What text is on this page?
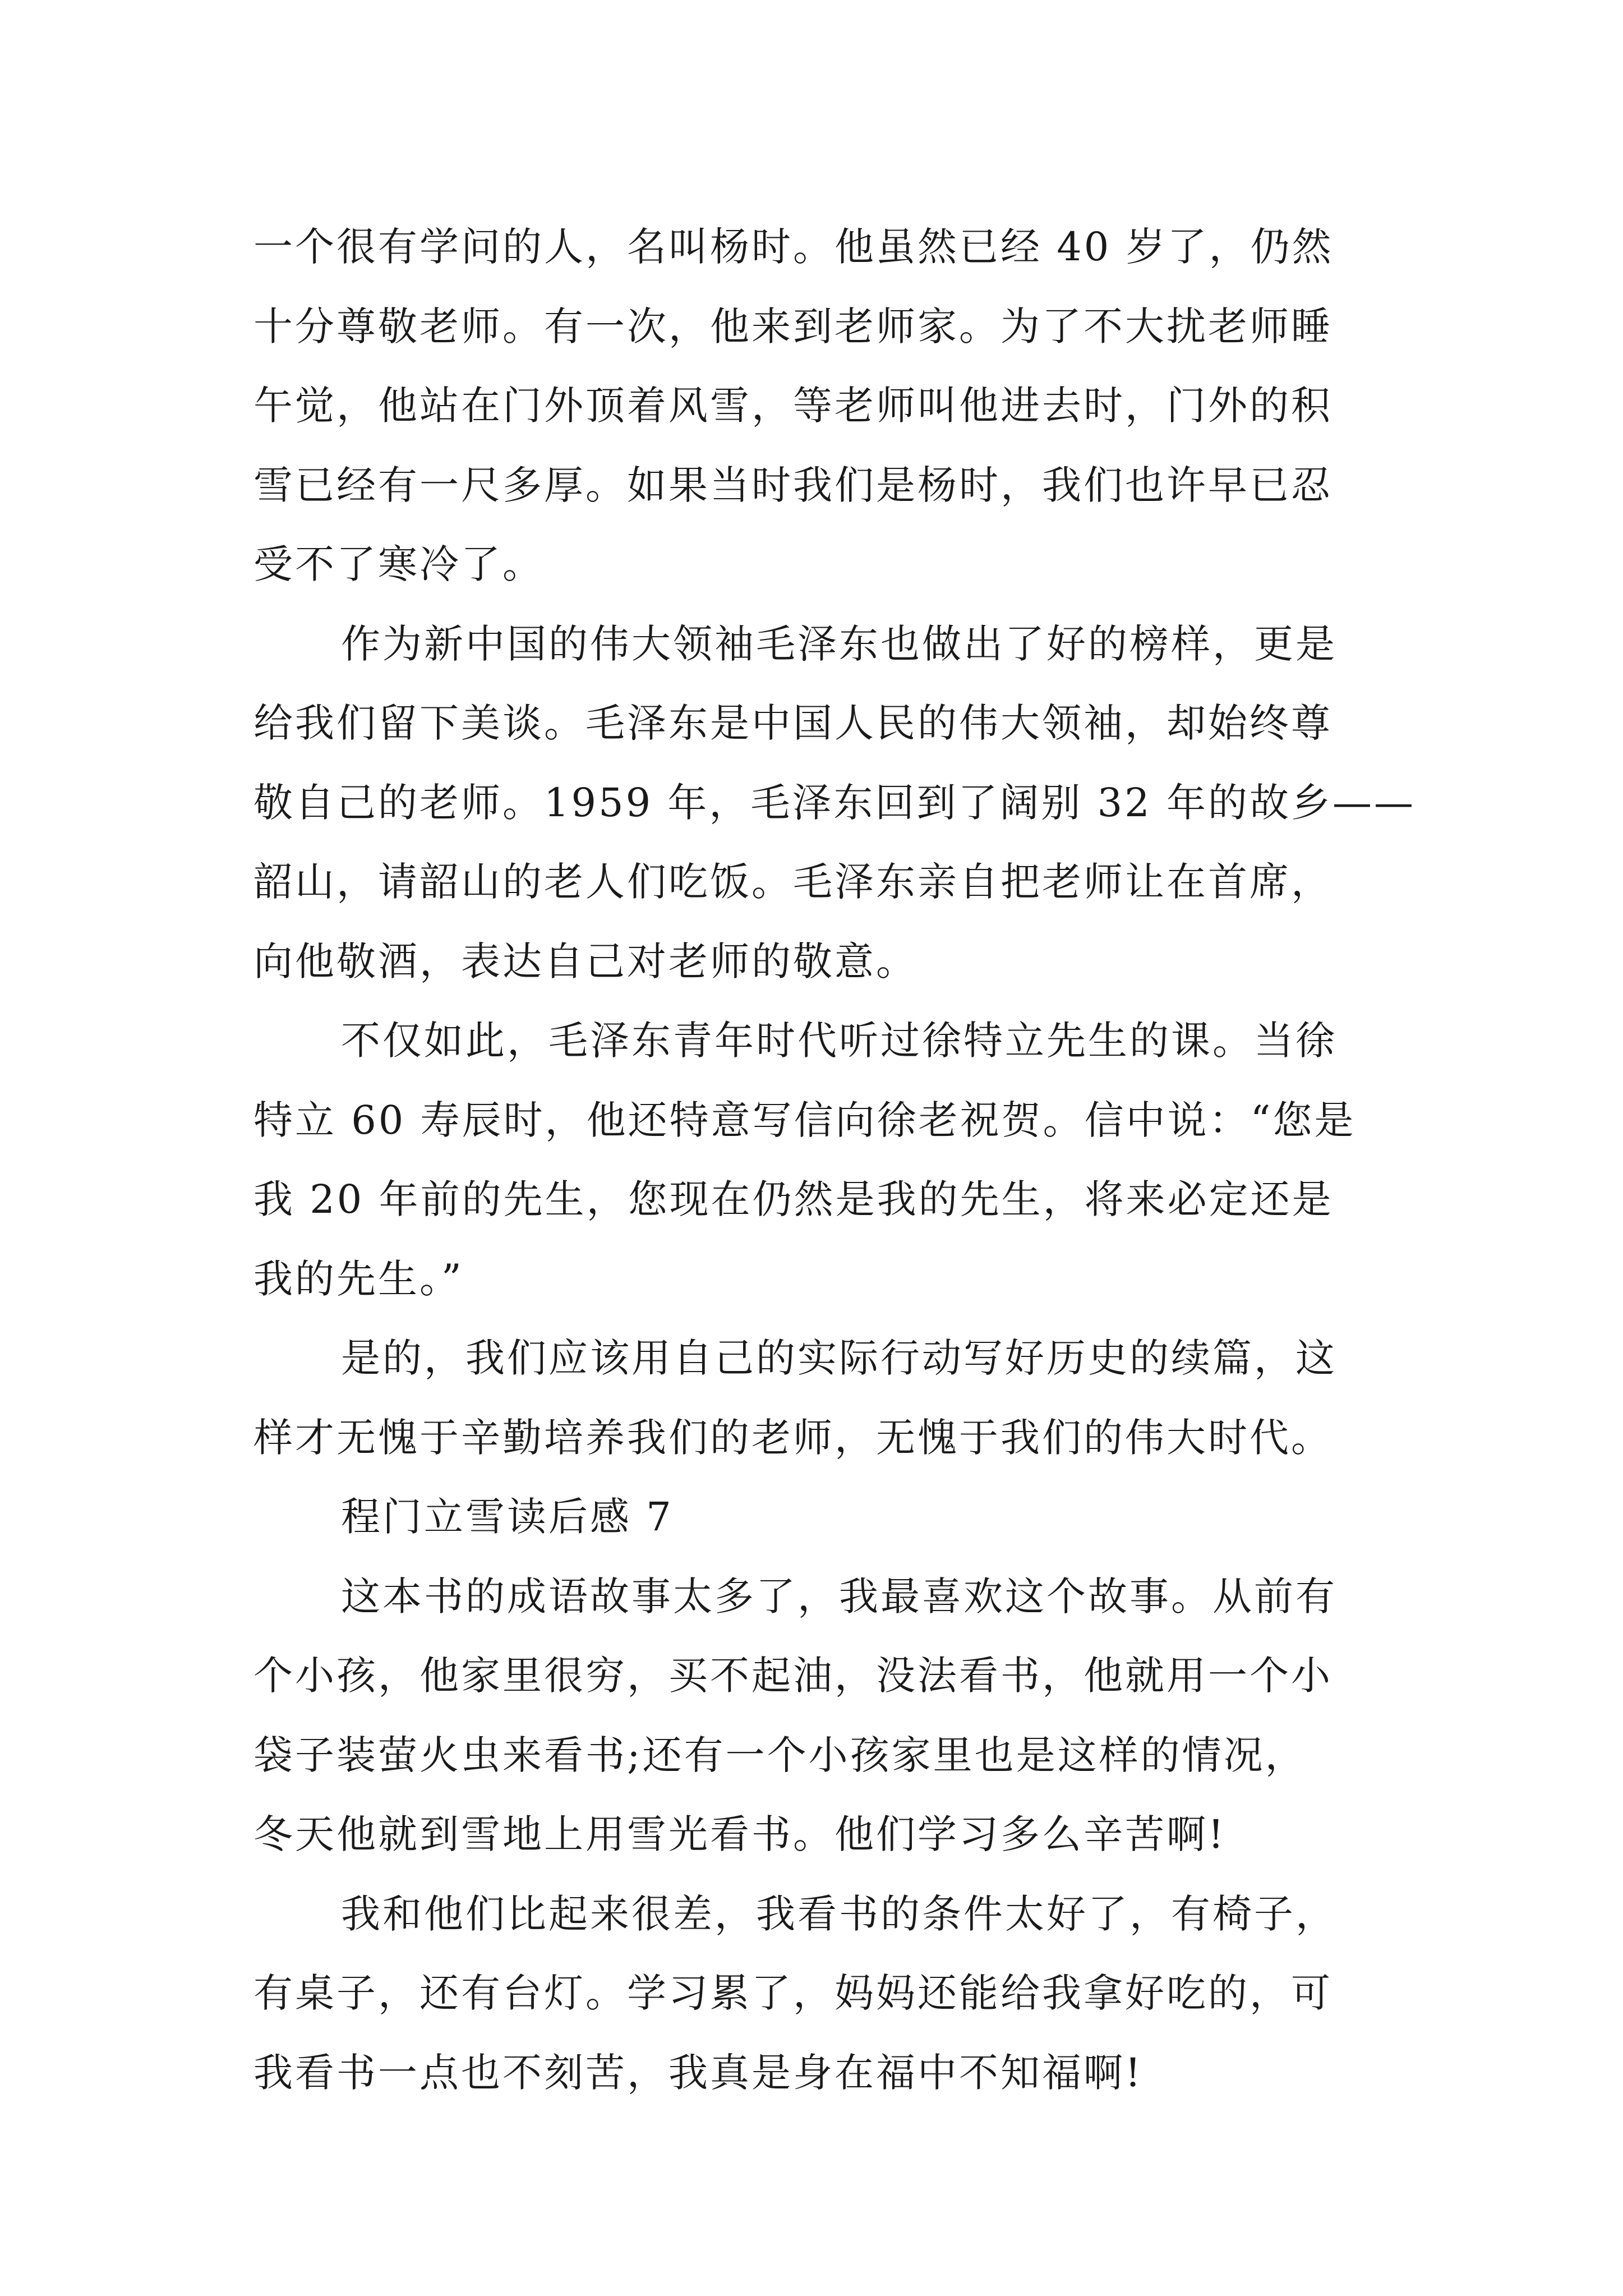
一个很有学问的人，名叫杨时。他虽然已经 40 岁了，仍然
十分尊敬老师。有一次，他来到老师家。为了不大扰老师睡
午觉，他站在门外顶着风雪，等老师叫他进去时，门外的积
雪已经有一尺多厚。如果当时我们是杨时，我们也许早已忍
受不了寒冷了。
作为新中国的伟大领袖毛泽东也做出了好的榜样，更是
给我们留下美谈。毛泽东是中国人民的伟大领袖，却始终尊
敬自己的老师。1959 年，毛泽东回到了阔别 32 年的故乡——
韶山，请韶山的老人们吃饭。毛泽东亲自把老师让在首席，
向他敬酒，表达自己对老师的敬意。
不仅如此，毛泽东青年时代听过徐特立先生的课。当徐
特立 60 寿辰时，他还特意写信向徐老祝贺。信中说：“您是
我 20 年前的先生，您现在仍然是我的先生，将来必定还是
我的先生。”
是的，我们应该用自己的实际行动写好历史的续篇，这
样才无愧于辛勤培养我们的老师，无愧于我们的伟大时代。
程门立雪读后感 7
这本书的成语故事太多了，我最喜欢这个故事。从前有
个小孩，他家里很穷，买不起油，没法看书，他就用一个小
袋子装萤火虫来看书;还有一个小孩家里也是这样的情况，
冬天他就到雪地上用雪光看书。他们学习多么辛苦啊!
我和他们比起来很差，我看书的条件太好了，有椅子，
有桌子，还有台灯。学习累了，妈妈还能给我拿好吃的，可
我看书一点也不刻苦，我真是身在福中不知福啊!
